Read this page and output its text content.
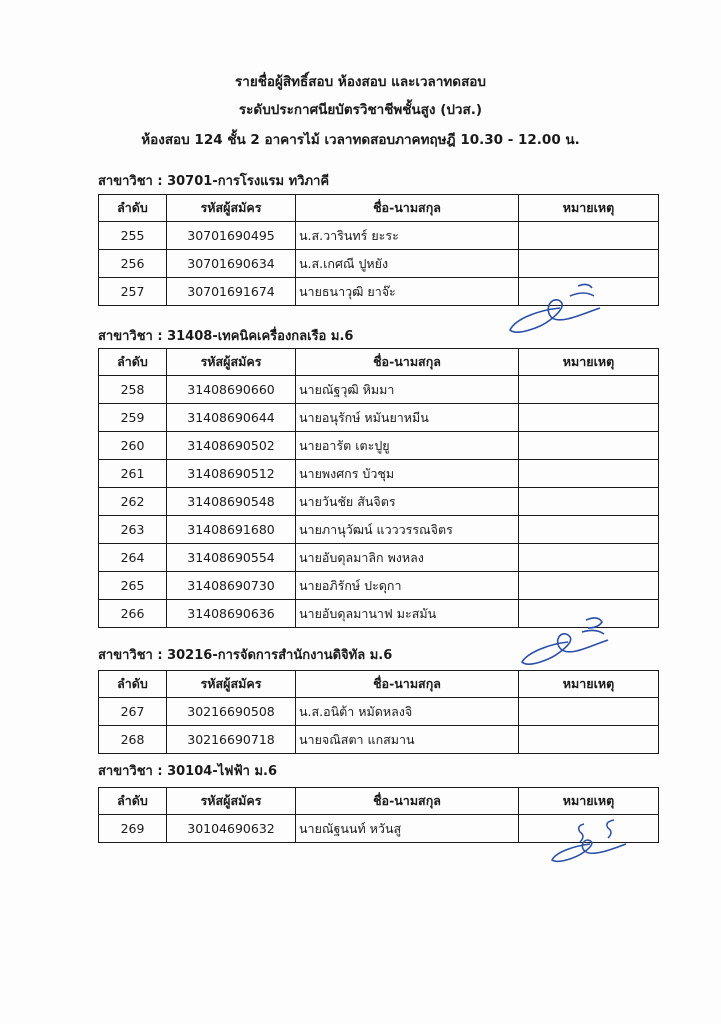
รายชื่อผู้สิทธิ์สอบ ห้องสอบ และเวลาทดสอบ
ระดับประกาศนียบัตรวิชาชีพชั้นสูง (ปวส.)
ห้องสอบ 124 ชั้น 2 อาคารไม้ เวลาทดสอบภาคทฤษฎี 10.30 - 12.00 น.
สาขาวิชา : 30701-การโรงแรม ทวิภาคี
ลำดับ	รหัสผู้สมัคร	ชื่อ-นามสกุล	หมายเหตุ
255	30701690495	น.ส.วารินทร์ ยะระ	
256	30701690634	น.ส.เกศณี ปูหยัง	
257	30701691674	นายธนาวุฒิ ยาจ๊ะ	
สาขาวิชา : 31408-เทคนิคเครื่องกลเรือ ม.6
ลำดับ	รหัสผู้สมัคร	ชื่อ-นามสกุล	หมายเหตุ
258	31408690660	นายณัฐวุฒิ หิมมา	
259	31408690644	นายอนุรักษ์ หมันยาหมีน	
260	31408690502	นายอารัต เตะปูยู	
261	31408690512	นายพงศกร บัวชุม	
262	31408690548	นายวันชัย สันจิตร	
263	31408691680	นายภานุวัฒน์ แวววรรณจิตร	
264	31408690554	นายอับดุลมาลิก พงหลง	
265	31408690730	นายอภิรักษ์ ปะดุกา	
266	31408690636	นายอับดุลมานาฟ มะสมัน	
สาขาวิชา : 30216-การจัดการสำนักงานดิจิทัล ม.6
ลำดับ	รหัสผู้สมัคร	ชื่อ-นามสกุล	หมายเหตุ
267	30216690508	น.ส.อนิต้า หมัดหลงจิ	
268	30216690718	นายจณิสตา แกสมาน	
สาขาวิชา : 30104-ไฟฟ้า ม.6
ลำดับ	รหัสผู้สมัคร	ชื่อ-นามสกุล	หมายเหตุ
269	30104690632	นายณัฐนนท์ หวันสู	
